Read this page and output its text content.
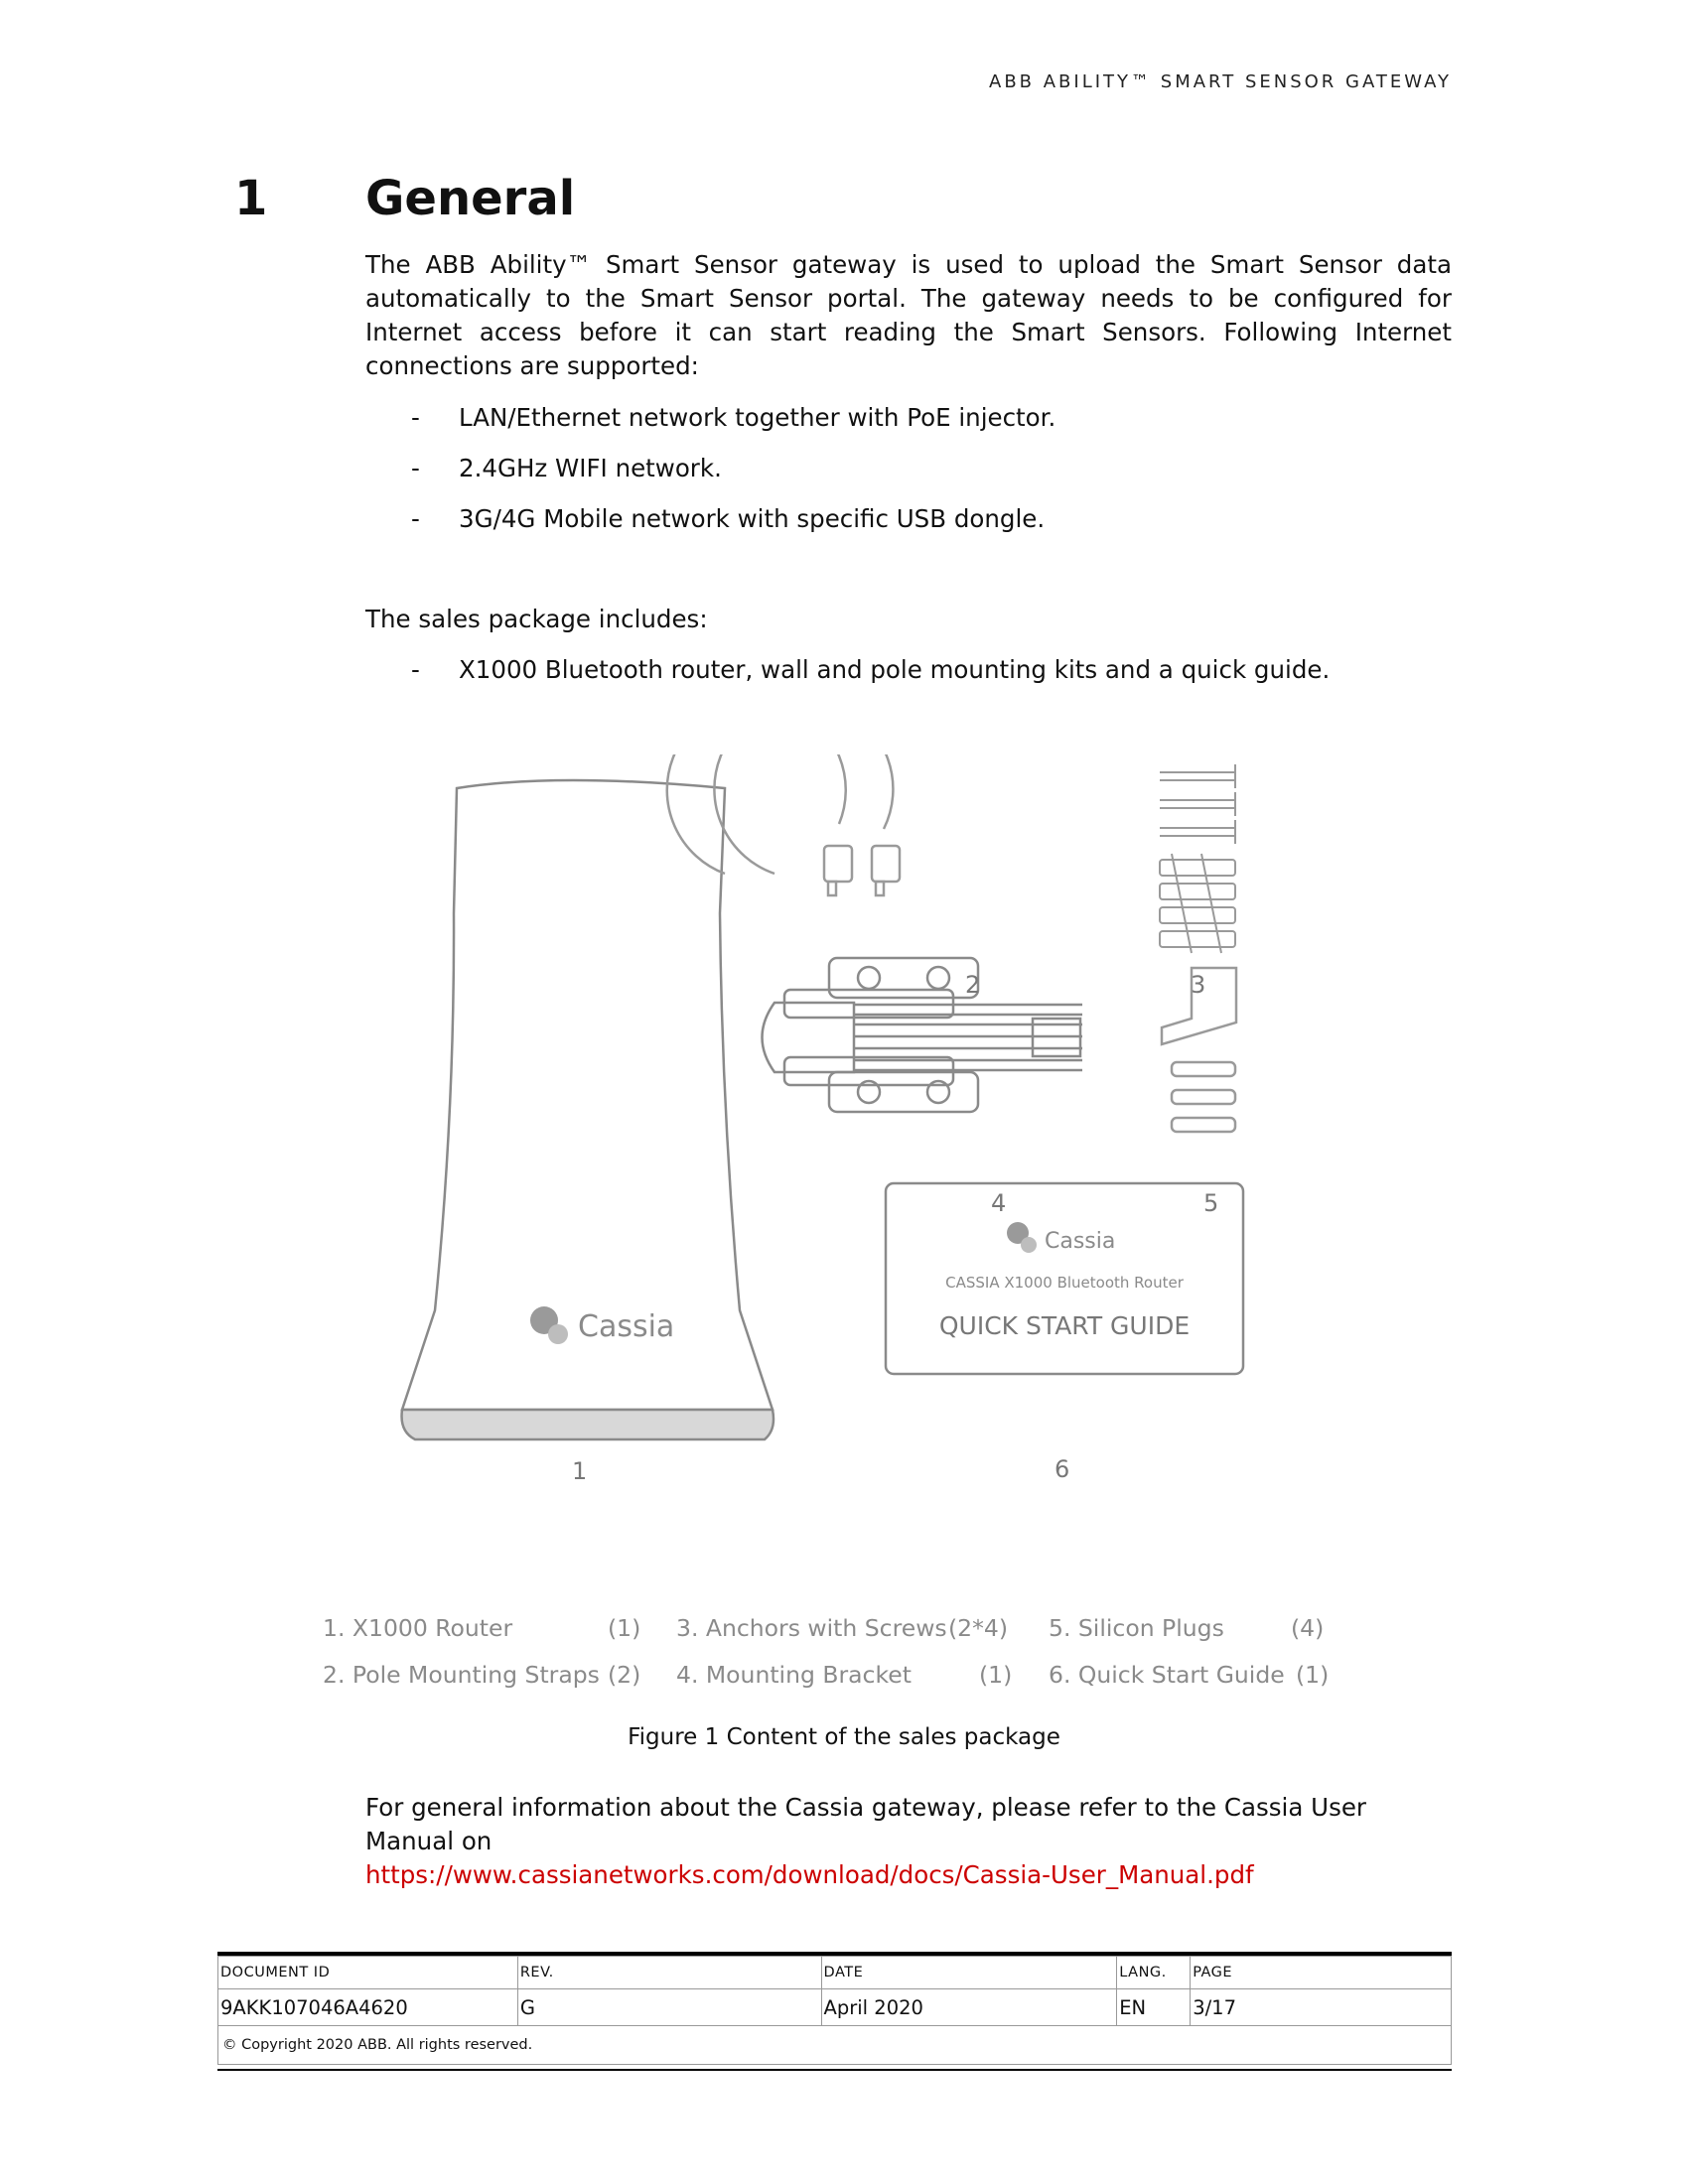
ABB ABILITY™ SMART SENSOR GATEWAY
1 General

The ABB Ability™ Smart Sensor gateway is used to upload the Smart Sensor data automatically to the Smart Sensor portal. The gateway needs to be configured for Internet access before it can start reading the Smart Sensors. Following Internet connections are supported:

- LAN/Ethernet network together with PoE injector.
- 2.4GHz WIFI network.
- 3G/4G Mobile network with specific USB dongle.

The sales package includes:

- X1000 Bluetooth router, wall and pole mounting kits and a quick guide.
Cassia
Cassia
CASSIA X1000 Bluetooth Router
QUICK START GUIDE
1
2	3
4	5
6
1. X1000 Router	(1)
2. Pole Mounting Straps (2)
3. Anchors with Screws (2*4)
4. Mounting Bracket	(1)
5. Silicon Plugs	(4)
6. Quick Start Guide (1)

Figure 1 Content of the sales package

For general information about the Cassia gateway, please refer to the Cassia User Manual on
https://www.cassianetworks.com/download/docs/Cassia-User_Manual.pdf

DOCUMENT ID	REV.	DATE	LANG.	PAGE
9AKK107046A4620	G	April 2020	EN	3/17
© Copyright 2020 ABB. All rights reserved.				
